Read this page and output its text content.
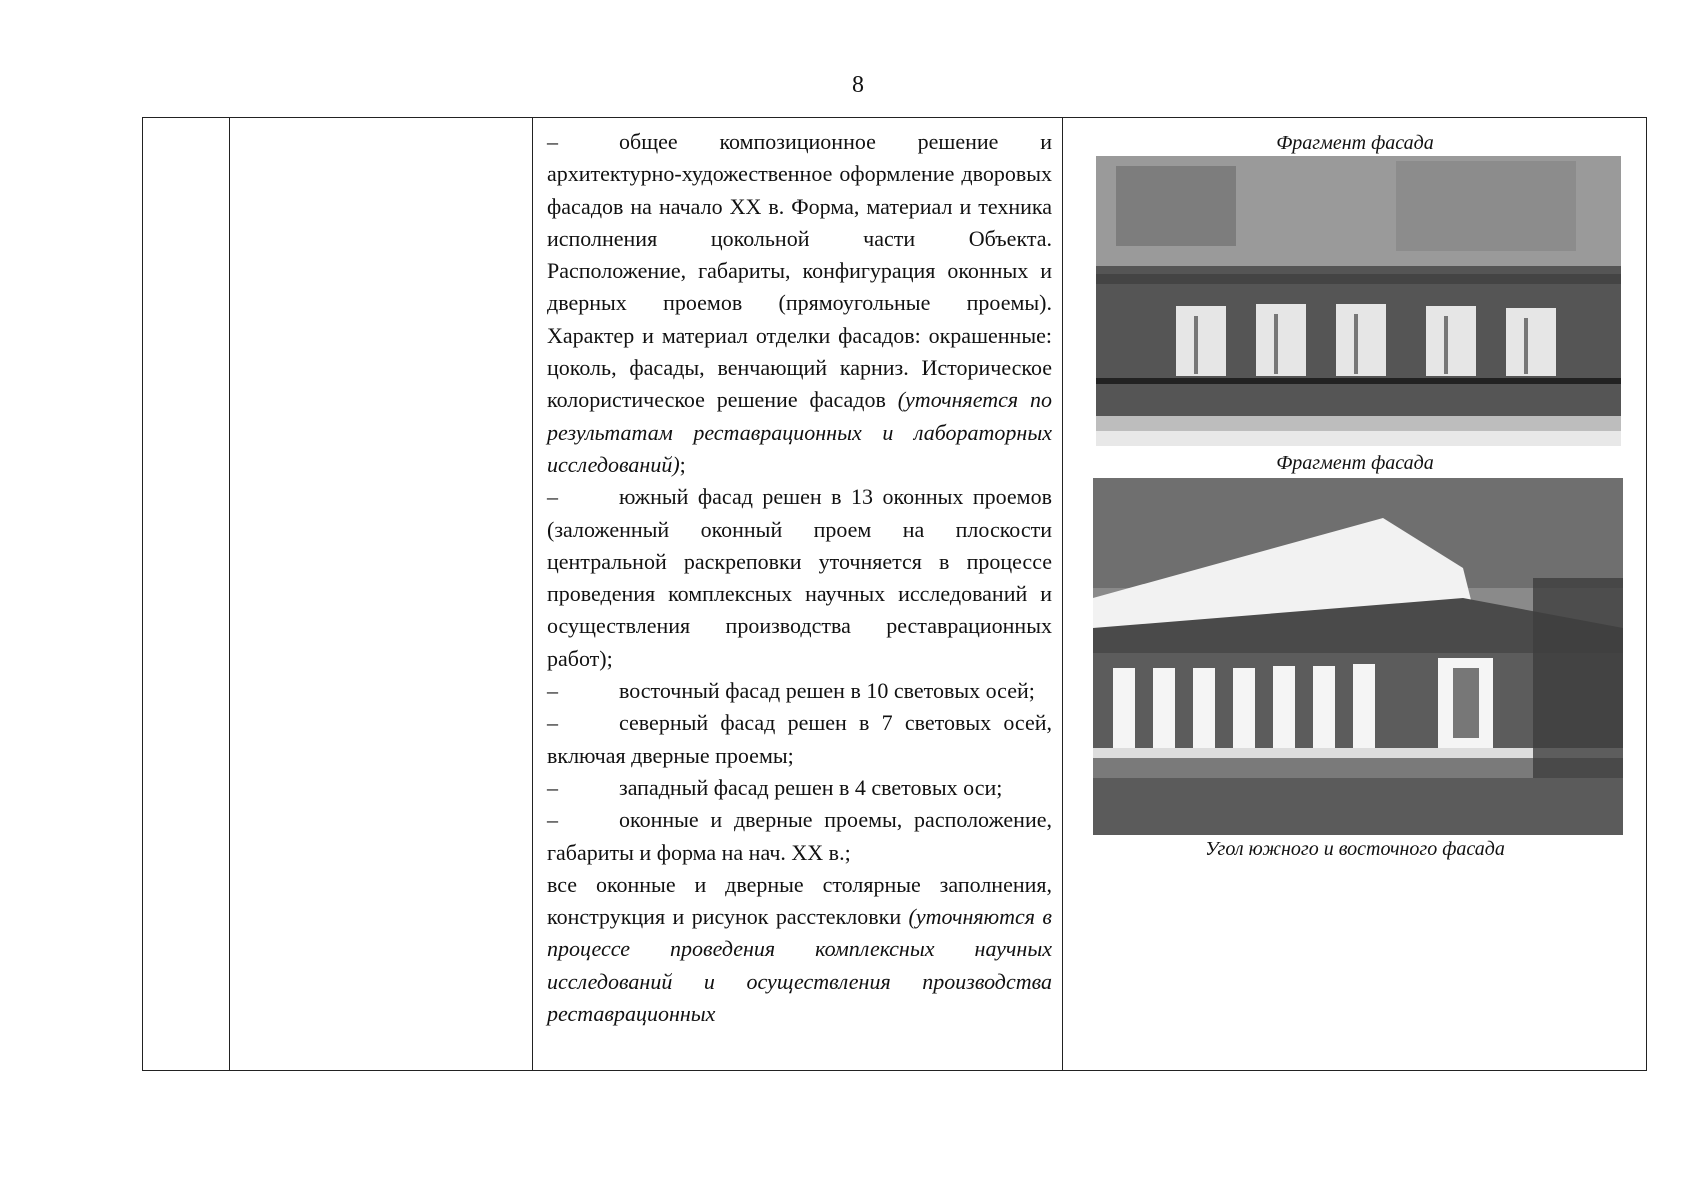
8

–	общее композиционное решение и архитектурно-художественное оформление дворовых фасадов на начало XX в. Форма, материал и техника исполнения цокольной части Объекта. Расположение, габариты, конфигурация оконных и дверных проемов (прямоугольные проемы). Характер и материал отделки фасадов: окрашенные: цоколь, фасады, венчающий карниз. Историческое колористическое решение фасадов (уточняется по результатам реставрационных и лабораторных исследований);

–	южный фасад решен в 13 оконных проемов (заложенный оконный проем на плоскости центральной раскреповки уточняется в процессе проведения комплексных научных исследований и осуществления производства реставрационных работ);

–	восточный фасад решен в 10 световых осей;

–	северный фасад решен в 7 световых осей, включая дверные проемы;

–	западный фасад решен в 4 световых оси;

–	оконные и дверные проемы, расположение, габариты и форма на нач. XX в.;

все оконные и дверные столярные заполнения, конструкция и рисунок расстекловки (уточняются в процессе проведения комплексных научных исследований и осуществления производства реставрационных

Фрагмент фасада
Фрагмент фасада
Угол южного и восточного фасада
